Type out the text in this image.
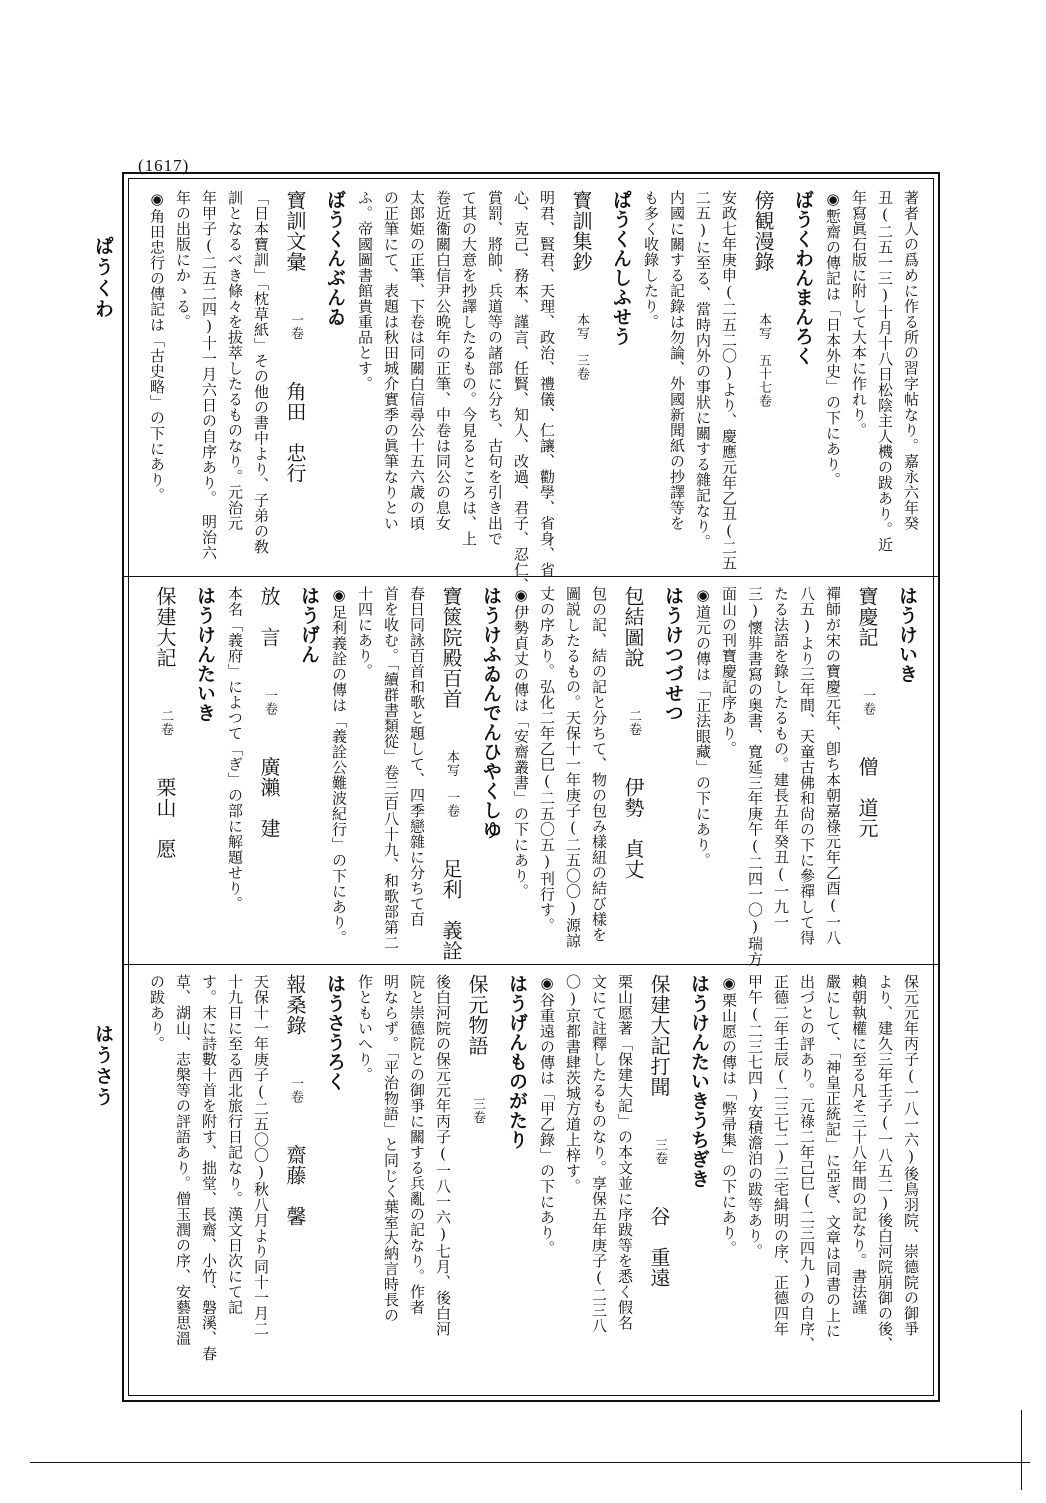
(1617)
ぱうくわ
はうさう
著者人の爲めに作る所の習字帖なり。嘉永六年癸
丑(二五一三)十月十八日松陰主人機の跋あり。近
年寫眞石版に附して大本に作れり。
◉慙齋の傳記は「日本外史」の下にあり。
ばうくわんまんろく
傍観漫錄　　本写　五十七卷　　
安政七年庚申(二五二〇)より、慶應元年乙丑(二五
二五)に至る、當時内外の事狀に關する雜記なり。
内國に關する記錄は勿論、外國新聞紙の抄譯等を
も多く收錄したり。
ぱうくんしふせう
寳訓集鈔　　本写　三卷　　
明君、賢君、天理、政治、禮儀、仁讓、勸學、省身、省
心、克己、務本、謹言、任賢、知人、改過、君子、忍仁、
賞罰、將帥、兵道等の諸部に分ち、古句を引き出で
て其の大意を抄譯したるもの。今見るところは、上
卷近衞關白信尹公晩年の正筆、中卷は同公の息女
太郎姫の正筆、下卷は同關白信尋公十五六歳の頃
の正筆にて、表題は秋田城介實季の眞筆なりとい
ふ。帝國圖書館貴重品とす。
ばうくんぶんゐ
寶訓文彙　　一卷　　角田　忠行
「日本寶訓」「枕草紙」その他の書中より、子弟の敎
訓となるべき條々を拔萃したるものなり。元治元
年甲子(二五二四)十一月六日の自序あり。　明治六
年の出版にかゝる。
◉角田忠行の傳記は「古史略」の下にあり。
はうけいき
寶慶記　　一卷　　僧　道元
禪師が宋の寶慶元年、卽ち本朝嘉祿元年乙酉(一八
八五)より三年間、天童古佛和尙の下に參禪して得
たる法語を錄したるもの。建長五年癸丑(一九一
三)懷弉書寫の奥書、寬延三年庚午(二四一〇)瑞方
面山の刊寶慶記序あり。
◉道元の傳は「正法眼藏」の下にあり。
はうけつづせつ
包結圖說　　二卷　　伊勢　貞丈
包の記、結の記と分ちて、物の包み樣紐の結び樣を
圖説したるもの。天保十一年庚子(二五〇〇)源諒
丈の序あり。弘化二年乙巳(二五〇五)刊行す。
◉伊勢貞丈の傳は「安齋叢書」の下にあり。
はうけふゐんでんひやくしゆ
寶篋院殿百首　　本写　一卷　　足利　義詮
春日同詠百首和歌と題して、四季戀雜に分ちて百
首を收む。「續群書類從」卷三百八十九、和歌部第二
十四にあり。
◉足利義詮の傳は「義詮公難波紀行」の下にあり。
はうげん
放　言　　一卷　　廣瀨　建
本名「義府」によつて「ぎ」の部に解題せり。
はうけんたいき
保建大記　　二卷　　栗山　愿
保元元年丙子(一八一六)後鳥羽院、崇德院の御爭
より、建久三年壬子(一八五二)後白河院崩御の後、
賴朝執權に至る凡そ三十八年間の記なり。書法謹
嚴にして、「神皇正統記」に亞ぎ、文章は同書の上に
出づとの評あり。元祿二年己巳(二三四九)の自序、
正德二年壬辰(二三七二)三宅緝明の序、正德四年
甲午(二三七四)安積澹泊の跋等あり。
◉栗山愿の傳は「弊帚集」の下にあり。
はうけんたいきうちぎき
保建大記打聞　　三卷　　谷　重遠
栗山愿著「保建大記」の本文並に序跋等を悉く假名
文にて註釋したるものなり。享保五年庚子(二三八
〇)京都書肆茨城方道上梓す。
◉谷重遠の傳は「甲乙錄」の下にあり。
はうげんものがたり
保元物語　　三卷　　
後白河院の保元元年丙子(一八一六)七月、後白河
院と崇德院との御爭に關する兵亂の記なり。作者
明ならず。「平治物語」と同じく葉室大納言時長の
作ともいへり。
はうさうろく
報桑錄　　一卷　　齋藤　馨
天保十一年庚子(二五〇〇)秋八月より同十一月二
十九日に至る西北旅行日記なり。漢文日次にて記
す。末に詩數十首を附す、拙堂、長齋、小竹、磐溪、春
草、湖山、志槃等の評語あり。僧玉潤の序、安藝思溫
の跋あり。
